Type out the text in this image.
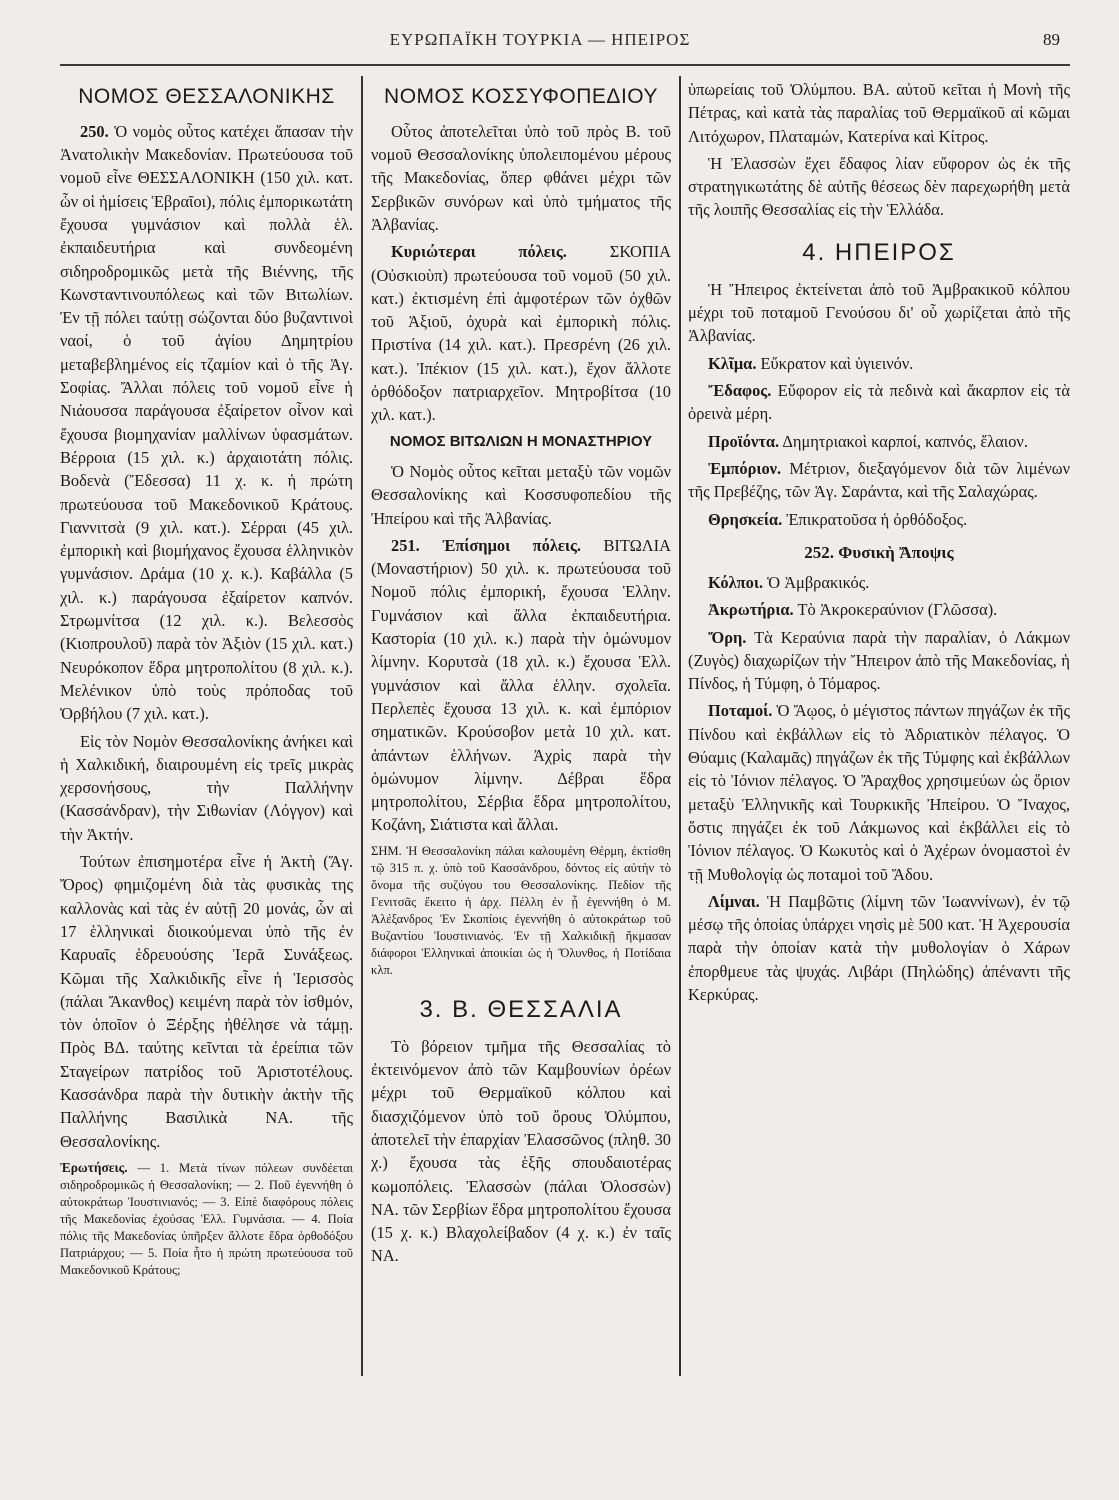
ΕΥΡΩΠΑΪΚΗ ΤΟΥΡΚΙΑ — ΗΠΕΙΡΟΣ	89
ΝΟΜΟΣ ΘΕΣΣΑΛΟΝΙΚΗΣ

250. Ὁ νομὸς οὗτος κατέχει ἅπασαν τὴν Ἀνατολικὴν Μακεδονίαν. Πρωτεύουσα τοῦ νομοῦ εἶνε ΘΕΣΣΑΛΟΝΙΚΗ (150 χιλ. κατ. ὧν οἱ ἡμίσεις Ἑβραῖοι), πόλις ἐμπορικωτάτη ἔχουσα γυμνάσιον καὶ πολλὰ ἑλ. ἐκπαιδευτήρια καὶ συνδεομένη σιδηροδρομικῶς μετὰ τῆς Βιέννης, τῆς Κωνσταντινουπόλεως καὶ τῶν Βιτωλίων. Ἐν τῇ πόλει ταύτῃ σώζονται δύο βυζαντινοὶ ναοί, ὁ τοῦ ἁγίου Δημητρίου μεταβεβλημένος εἰς τζαμίον καὶ ὁ τῆς Ἁγ. Σοφίας. Ἄλλαι πόλεις τοῦ νομοῦ εἶνε ἡ Νιάουσσα παράγουσα ἐξαίρετον οἶνον καὶ ἔχουσα βιομηχανίαν μαλλίνων ὑφασμάτων. Βέρροια (15 χιλ. κ.) ἀρχαιοτάτη πόλις. Βοδενὰ (Ἔδεσσα) 11 χ. κ. ἡ πρώτη πρωτεύουσα τοῦ Μακεδονικοῦ Κράτους. Γιαννιτσὰ (9 χιλ. κατ.). Σέρραι (45 χιλ. ἐμπορικὴ καὶ βιομήχανος ἔχουσα ἑλληνικὸν γυμνάσιον. Δράμα (10 χ. κ.). Καβάλλα (5 χιλ. κ.) παράγουσα ἐξαίρετον καπνόν. Στρωμνίτσα (12 χιλ. κ.). Βελεσσὸς (Κιοπρουλοῦ) παρὰ τὸν Ἀξιὸν (15 χιλ. κατ.) Νευρόκοπον ἕδρα μητροπολίτου (8 χιλ. κ.). Μελένικον ὑπὸ τοὺς πρόποδας τοῦ Ὀρβήλου (7 χιλ. κατ.).

Εἰς τὸν Νομὸν Θεσσαλονίκης ἀνήκει καὶ ἡ Χαλκιδική, διαιρουμένη εἰς τρεῖς μικρὰς χερσονήσους, τὴν Παλλήνην (Κασσάνδραν), τὴν Σιθωνίαν (Λόγγον) καὶ τὴν Ἀκτήν.

Τούτων ἐπισημοτέρα εἶνε ἡ Ἀκτὴ (Ἅγ. Ὄρος) φημιζομένη διὰ τὰς φυσικὰς της καλλονὰς καὶ τὰς ἐν αὐτῇ 20 μονάς, ὧν αἱ 17 ἑλληνικαὶ διοικούμεναι ὑπὸ τῆς ἐν Καρυαῖς ἑδρευούσης Ἱερᾶ Συνάξεως. Κῶμαι τῆς Χαλκιδικῆς εἶνε ἡ Ἱερισσὸς (πάλαι Ἄκανθος) κειμένη παρὰ τὸν ἰσθμόν, τὸν ὁποῖον ὁ Ξέρξης ἠθέλησε νὰ τάμῃ. Πρὸς ΒΔ. ταύτης κεῖνται τὰ ἐρείπια τῶν Σταγείρων πατρίδος τοῦ Ἀριστοτέλους. Κασσάνδρα παρὰ τὴν δυτικὴν ἀκτὴν τῆς Παλλήνης Βασιλικὰ ΝΑ. τῆς Θεσσαλονίκης.

Ἐρωτήσεις. — 1. Μετὰ τίνων πόλεων συνδέεται σιδηροδρομικῶς ἡ Θεσσαλονίκη; — 2. Ποῦ ἐγεννήθη ὁ αὐτοκράτωρ Ἰουστινιανός; — 3. Εἰπὲ διαφόρους πόλεις τῆς Μακεδονίας ἐχούσας Ἑλλ. Γυμνάσια. — 4. Ποία πόλις τῆς Μακεδονίας ὑπῆρξεν ἄλλοτε ἕδρα ὀρθοδόξου Πατριάρχου; — 5. Ποία ἦτο ἡ πρώτη πρωτεύουσα τοῦ Μακεδονικοῦ Κράτους;

ΝΟΜΟΣ ΚΟΣΣΥΦΟΠΕΔΙΟΥ

Οὗτος ἀποτελεῖται ὑπὸ τοῦ πρὸς Β. τοῦ νομοῦ Θεσσαλονίκης ὑπολειπομένου μέρους τῆς Μακεδονίας, ὅπερ φθάνει μέχρι τῶν Σερβικῶν συνόρων καὶ ὑπὸ τμήματος τῆς Ἀλβανίας.

Κυριώτεραι πόλεις.	ΣΚΟΠΙΑ (Οὐσκιοὺπ) πρωτεύουσα τοῦ νομοῦ (50 χιλ. κατ.) ἐκτισμένη ἐπὶ ἀμφοτέρων τῶν ὀχθῶν τοῦ Ἀξιοῦ, ὀχυρὰ καὶ ἐμπορικὴ πόλις. Πριστίνα (14 χιλ. κατ.). Πρεσρένη (26 χιλ. κατ.). Ἰπέκιον (15 χιλ. κατ.), ἔχον ἄλλοτε ὀρθόδοξον πατριαρχεῖον. Μητροβίτσα (10 χιλ. κατ.).

ΝΟΜΟΣ ΒΙΤΩΛΙΩΝ Η ΜΟΝΑΣΤΗΡΙΟΥ

Ὁ Νομὸς οὗτος κεῖται μεταξὺ τῶν νομῶν Θεσσαλονίκης καὶ Κοσσυφοπεδίου τῆς Ἠπείρου καὶ τῆς Ἀλβανίας.

251. Ἐπίσημοι πόλεις. ΒΙΤΩΛΙΑ (Μοναστήριον) 50 χιλ. κ. πρωτεύουσα τοῦ Νομοῦ πόλις ἐμπορική, ἔχουσα Ἑλλην. Γυμνάσιον καὶ ἄλλα ἐκπαιδευτήρια. Καστορία (10 χιλ. κ.) παρὰ τὴν ὁμώνυμον λίμνην. Κορυτσὰ (18 χιλ. κ.) ἔχουσα Ἑλλ. γυμνάσιον καὶ ἄλλα ἑλλην. σχολεῖα. Περλεπὲς ἔχουσα 13 χιλ. κ. καὶ ἐμπόριον σηματικῶν. Κρούσοβον μετὰ 10 χιλ. κατ. ἁπάντων ἑλλήνων. Ἀχρὶς παρὰ τὴν ὁμώνυμον λίμνην. Δέβραι ἕδρα μητροπολίτου, Σέρβια ἕδρα μητροπολίτου, Κοζάνη, Σιάτιστα καὶ ἄλλαι.

ΣΗΜ. Ἡ Θεσσαλονίκη πάλαι καλουμένη Θέρμη, ἐκτίσθη τῷ 315 π. χ. ὑπὸ τοῦ Κασσάνδρου, δόντος εἰς αὐτὴν τὸ ὄνομα τῆς συζύγου του Θεσσαλονίκης. Πεδίον τῆς Γενιτσᾶς ἔκειτο ἡ ἀρχ. Πέλλη ἐν ᾗ ἐγεννήθη ὁ Μ. Ἀλέξανδρος Ἐν Σκοπίοις ἐγεννήθη ὁ αὐτοκράτωρ τοῦ Βυζαντίου Ἰουστινιανός. Ἐν τῇ Χαλκιδικῇ ἤκμασαν διάφοροι Ἑλληνικαὶ ἀποικίαι ὡς ἡ Ὄλυνθος, ἡ Ποτίδαια κλπ.

3. Β. ΘΕΣΣΑΛΙΑ

Τὸ βόρειον τμῆμα τῆς Θεσσαλίας τὸ ἐκτεινόμενον ἀπὸ τῶν Καμβουνίων ὀρέων μέχρι τοῦ Θερμαϊκοῦ κόλπου καὶ διασχιζόμενον ὑπὸ τοῦ ὄρους Ὀλύμπου, ἀποτελεῖ τὴν ἐπαρχίαν Ἐλασσῶνος (πληθ. 30 χ.) ἔχουσα τὰς ἑξῆς σπουδαιοτέρας κωμοπόλεις. Ἐλασσὼν (πάλαι Ὀλοσσὼν) ΝΑ. τῶν Σερβίων ἕδρα μητροπολίτου ἔχουσα (15 χ. κ.) Βλαχολείβαδον (4 χ. κ.) ἐν ταῖς ΝΑ.

ὑπωρείαις τοῦ Ὀλύμπου. ΒΑ. αὐτοῦ κεῖται ἡ Μονὴ τῆς Πέτρας, καὶ κατὰ τὰς παραλίας τοῦ Θερμαϊκοῦ αἱ κῶμαι Λιτόχωρον, Πλαταμών, Κατερίνα καὶ Κίτρος.

Ἡ Ἐλασσὼν ἔχει ἔδαφος λίαν εὔφορον ὡς ἐκ τῆς στρατηγικωτάτης δὲ αὐτῆς θέσεως δὲν παρεχωρήθη μετὰ τῆς λοιπῆς Θεσσαλίας εἰς τὴν Ἑλλάδα.

4. ΗΠΕΙΡΟΣ

Ἡ Ἤπειρος ἐκτείνεται ἀπὸ τοῦ Ἀμβρακικοῦ κόλπου μέχρι τοῦ ποταμοῦ Γενούσου δι' οὗ χωρίζεται ἀπὸ τῆς Ἀλβανίας.

Κλῖμα. Εὔκρατον καὶ ὑγιεινόν.

Ἔδαφος. Εὔφορον εἰς τὰ πεδινὰ καὶ ἄκαρπον εἰς τὰ ὀρεινὰ μέρη.

Προϊόντα. Δημητριακοὶ καρποί, καπνός, ἔλαιον.

Ἐμπόριον. Μέτριον, διεξαγόμενον διὰ τῶν λιμένων τῆς Πρεβέζης, τῶν Ἁγ. Σαράντα, καὶ τῆς Σαλαχώρας.

Θρησκεία. Ἐπικρατοῦσα ἡ ὀρθόδοξος.

252. Φυσικὴ Ἄποψις

Κόλποι. Ὁ Ἀμβρακικός.

Ἀκρωτήρια. Τὸ Ἀκροκεραύνιον (Γλῶσσα).

Ὄρη. Τὰ Κεραύνια παρὰ τὴν παραλίαν, ὁ Λάκμων (Ζυγὸς) διαχωρίζων τὴν Ἤπειρον ἀπὸ τῆς Μακεδονίας, ἡ Πίνδος, ἡ Τύμφη, ὁ Τόμαρος.

Ποταμοί. Ὁ Ἄῳος, ὁ μέγιστος πάντων πηγάζων ἐκ τῆς Πίνδου καὶ ἐκβάλλων εἰς τὸ Ἀδριατικὸν πέλαγος. Ὁ Θύαμις (Καλαμᾶς) πηγάζων ἐκ τῆς Τύμφης καὶ ἐκβάλλων εἰς τὸ Ἰόνιον πέλαγος. Ὁ Ἄραχθος χρησιμεύων ὡς ὅριον μεταξὺ Ἑλληνικῆς καὶ Τουρκικῆς Ἠπείρου. Ὁ Ἴναχος, ὅστις πηγάζει ἐκ τοῦ Λάκμωνος καὶ ἐκβάλλει εἰς τὸ Ἰόνιον πέλαγος. Ὁ Κωκυτὸς καὶ ὁ Ἀχέρων ὀνομαστοὶ ἐν τῇ Μυθολογίᾳ ὡς ποταμοὶ τοῦ Ἅδου.

Λίμναι. Ἡ Παμβῶτις (λίμνη τῶν Ἰωαννίνων), ἐν τῷ μέσῳ τῆς ὁποίας ὑπάρχει νησὶς μὲ 500 κατ. Ἡ Ἀχερουσία παρὰ τὴν ὁποίαν κατὰ τὴν μυθολογίαν ὁ Χάρων ἐπορθμευε τὰς ψυχάς. Λιβάρι (Πηλώδης) ἀπέναντι τῆς Κερκύρας.
